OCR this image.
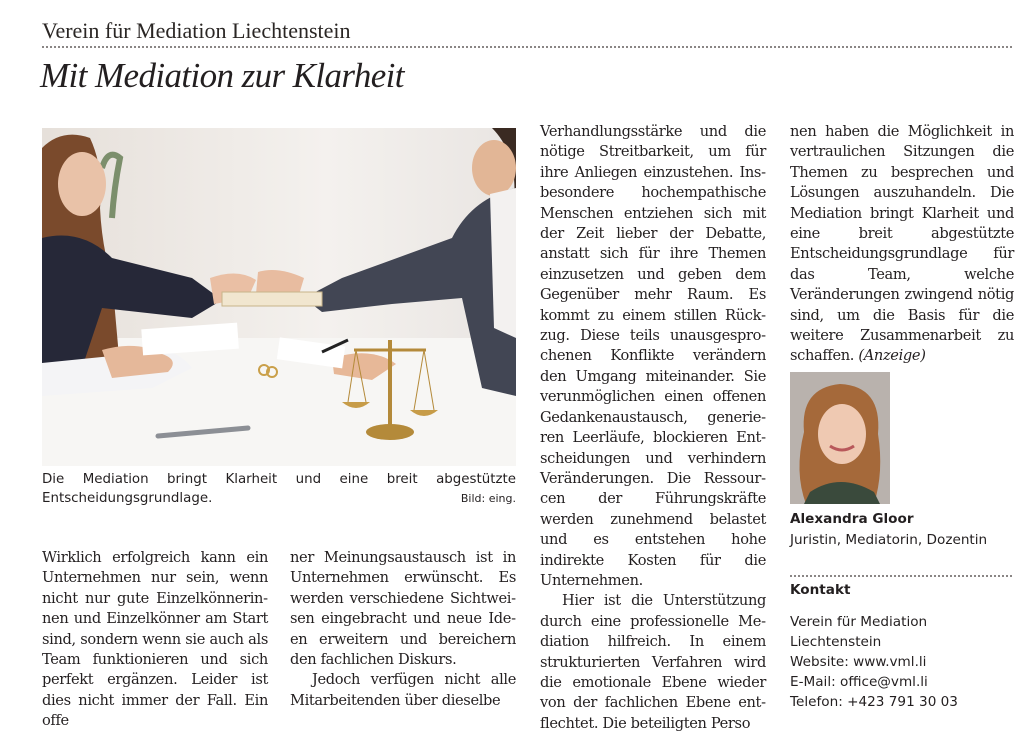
Verein für Mediation Liechtenstein
Mit Mediation zur Klarheit
Die Mediation bringt Klarheit und eine breit abgestützte Entscheidungsgrundlage.	Bild: eing.

Wirklich erfolgreich kann ein Unternehmen nur sein, wenn nicht nur gute Einzelkönnerinnen und Einzelkönner am Start sind, sondern wenn sie auch als Team funktionieren und sich perfekt ergänzen. Leider ist dies nicht immer der Fall. Ein offe

ner Meinungsaustausch ist in Unternehmen erwünscht. Es werden verschiedene Sichtweisen eingebracht und neue Ideen erweitern und bereichern den fachlichen Diskurs.

Jedoch verfügen nicht alle Mitarbeitenden über dieselbe

Verhandlungsstärke und die nötige Streitbarkeit, um für ihre Anliegen einzustehen. Insbesondere hochempathische Menschen entziehen sich mit der Zeit lieber der Debatte, anstatt sich für ihre Themen einzusetzen und geben dem Gegenüber mehr Raum. Es kommt zu einem stillen Rückzug. Diese teils unausgesprochenen Konflikte verändern den Umgang miteinander. Sie verunmöglichen einen offenen Gedankenaustausch, generieren Leerläufe, blockieren Entscheidungen und verhindern Veränderungen. Die Ressourcen der Führungskräfte werden zunehmend belastet und es entstehen hohe indirekte Kosten für die Unternehmen.

Hier ist die Unterstützung durch eine professionelle Mediation hilfreich. In einem strukturierten Verfahren wird die emotionale Ebene wieder von der fachlichen Ebene entflechtet. Die beteiligten Perso

nen haben die Möglichkeit in vertraulichen Sitzungen die Themen zu besprechen und Lösungen auszuhandeln. Die Mediation bringt Klarheit und eine breit abgestützte Entscheidungsgrundlage für das Team, welche Veränderungen zwingend nötig sind, um die Basis für die weitere Zusammenarbeit zu schaffen. (Anzeige)

Alexandra Gloor
Juristin, Mediatorin, Dozentin
Kontakt
Verein für Mediation
Liechtenstein
Website: www.vml.li
E-Mail: office@vml.li
Telefon: +423 791 30 03
